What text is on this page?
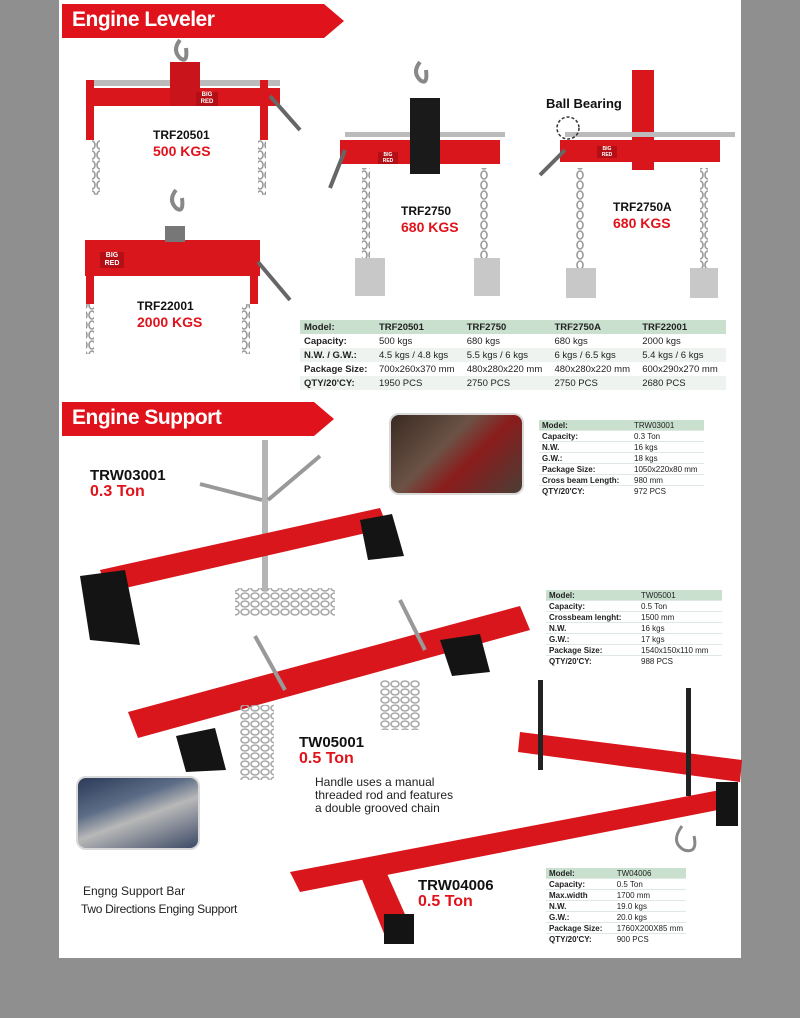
Engine Leveler
Engine Support
Ball Bearing
TRF20501
500 KGS
TRF22001
2000 KGS
TRF2750
680 KGS
TRF2750A
680 KGS
Model:	TRF20501	TRF2750	TRF2750A	TRF22001
Capacity:	500 kgs	680 kgs	680 kgs	2000 kgs
N.W. / G.W.:	4.5 kgs / 4.8 kgs	5.5 kgs / 6 kgs	6 kgs / 6.5 kgs	5.4 kgs / 6 kgs
Package Size:	700x260x370 mm	480x280x220 mm	480x280x220 mm	600x290x270 mm
QTY/20'CY:	1950 PCS	2750 PCS	2750 PCS	2680 PCS
TRW03001
0.3 Ton
TW05001
0.5 Ton
Handle uses a manual
threaded rod and features
a double grooved chain
TRW04006
0.5 Ton
Engng Support Bar
Two Directions Enging Support
Model:	TRW03001
Capacity:	0.3 Ton
N.W.	16 kgs
G.W.:	18 kgs
Package Size:	1050x220x80 mm
Cross beam Length:	980 mm
QTY/20'CY:	972 PCS
Model:	TW05001
Capacity:	0.5 Ton
Crossbeam lenght:	1500 mm
N.W.	16 kgs
G.W.:	17 kgs
Package Size:	1540x150x110 mm
QTY/20'CY:	988 PCS
Model:	TW04006
Capacity:	0.5 Ton
Max.width	1700 mm
N.W.	19.0 kgs
G.W.:	20.0 kgs
Package Size:	1760X200X85 mm
QTY/20'CY:	900 PCS
BIG
RED
BIG
RED
BIG
RED
BIG
RED
